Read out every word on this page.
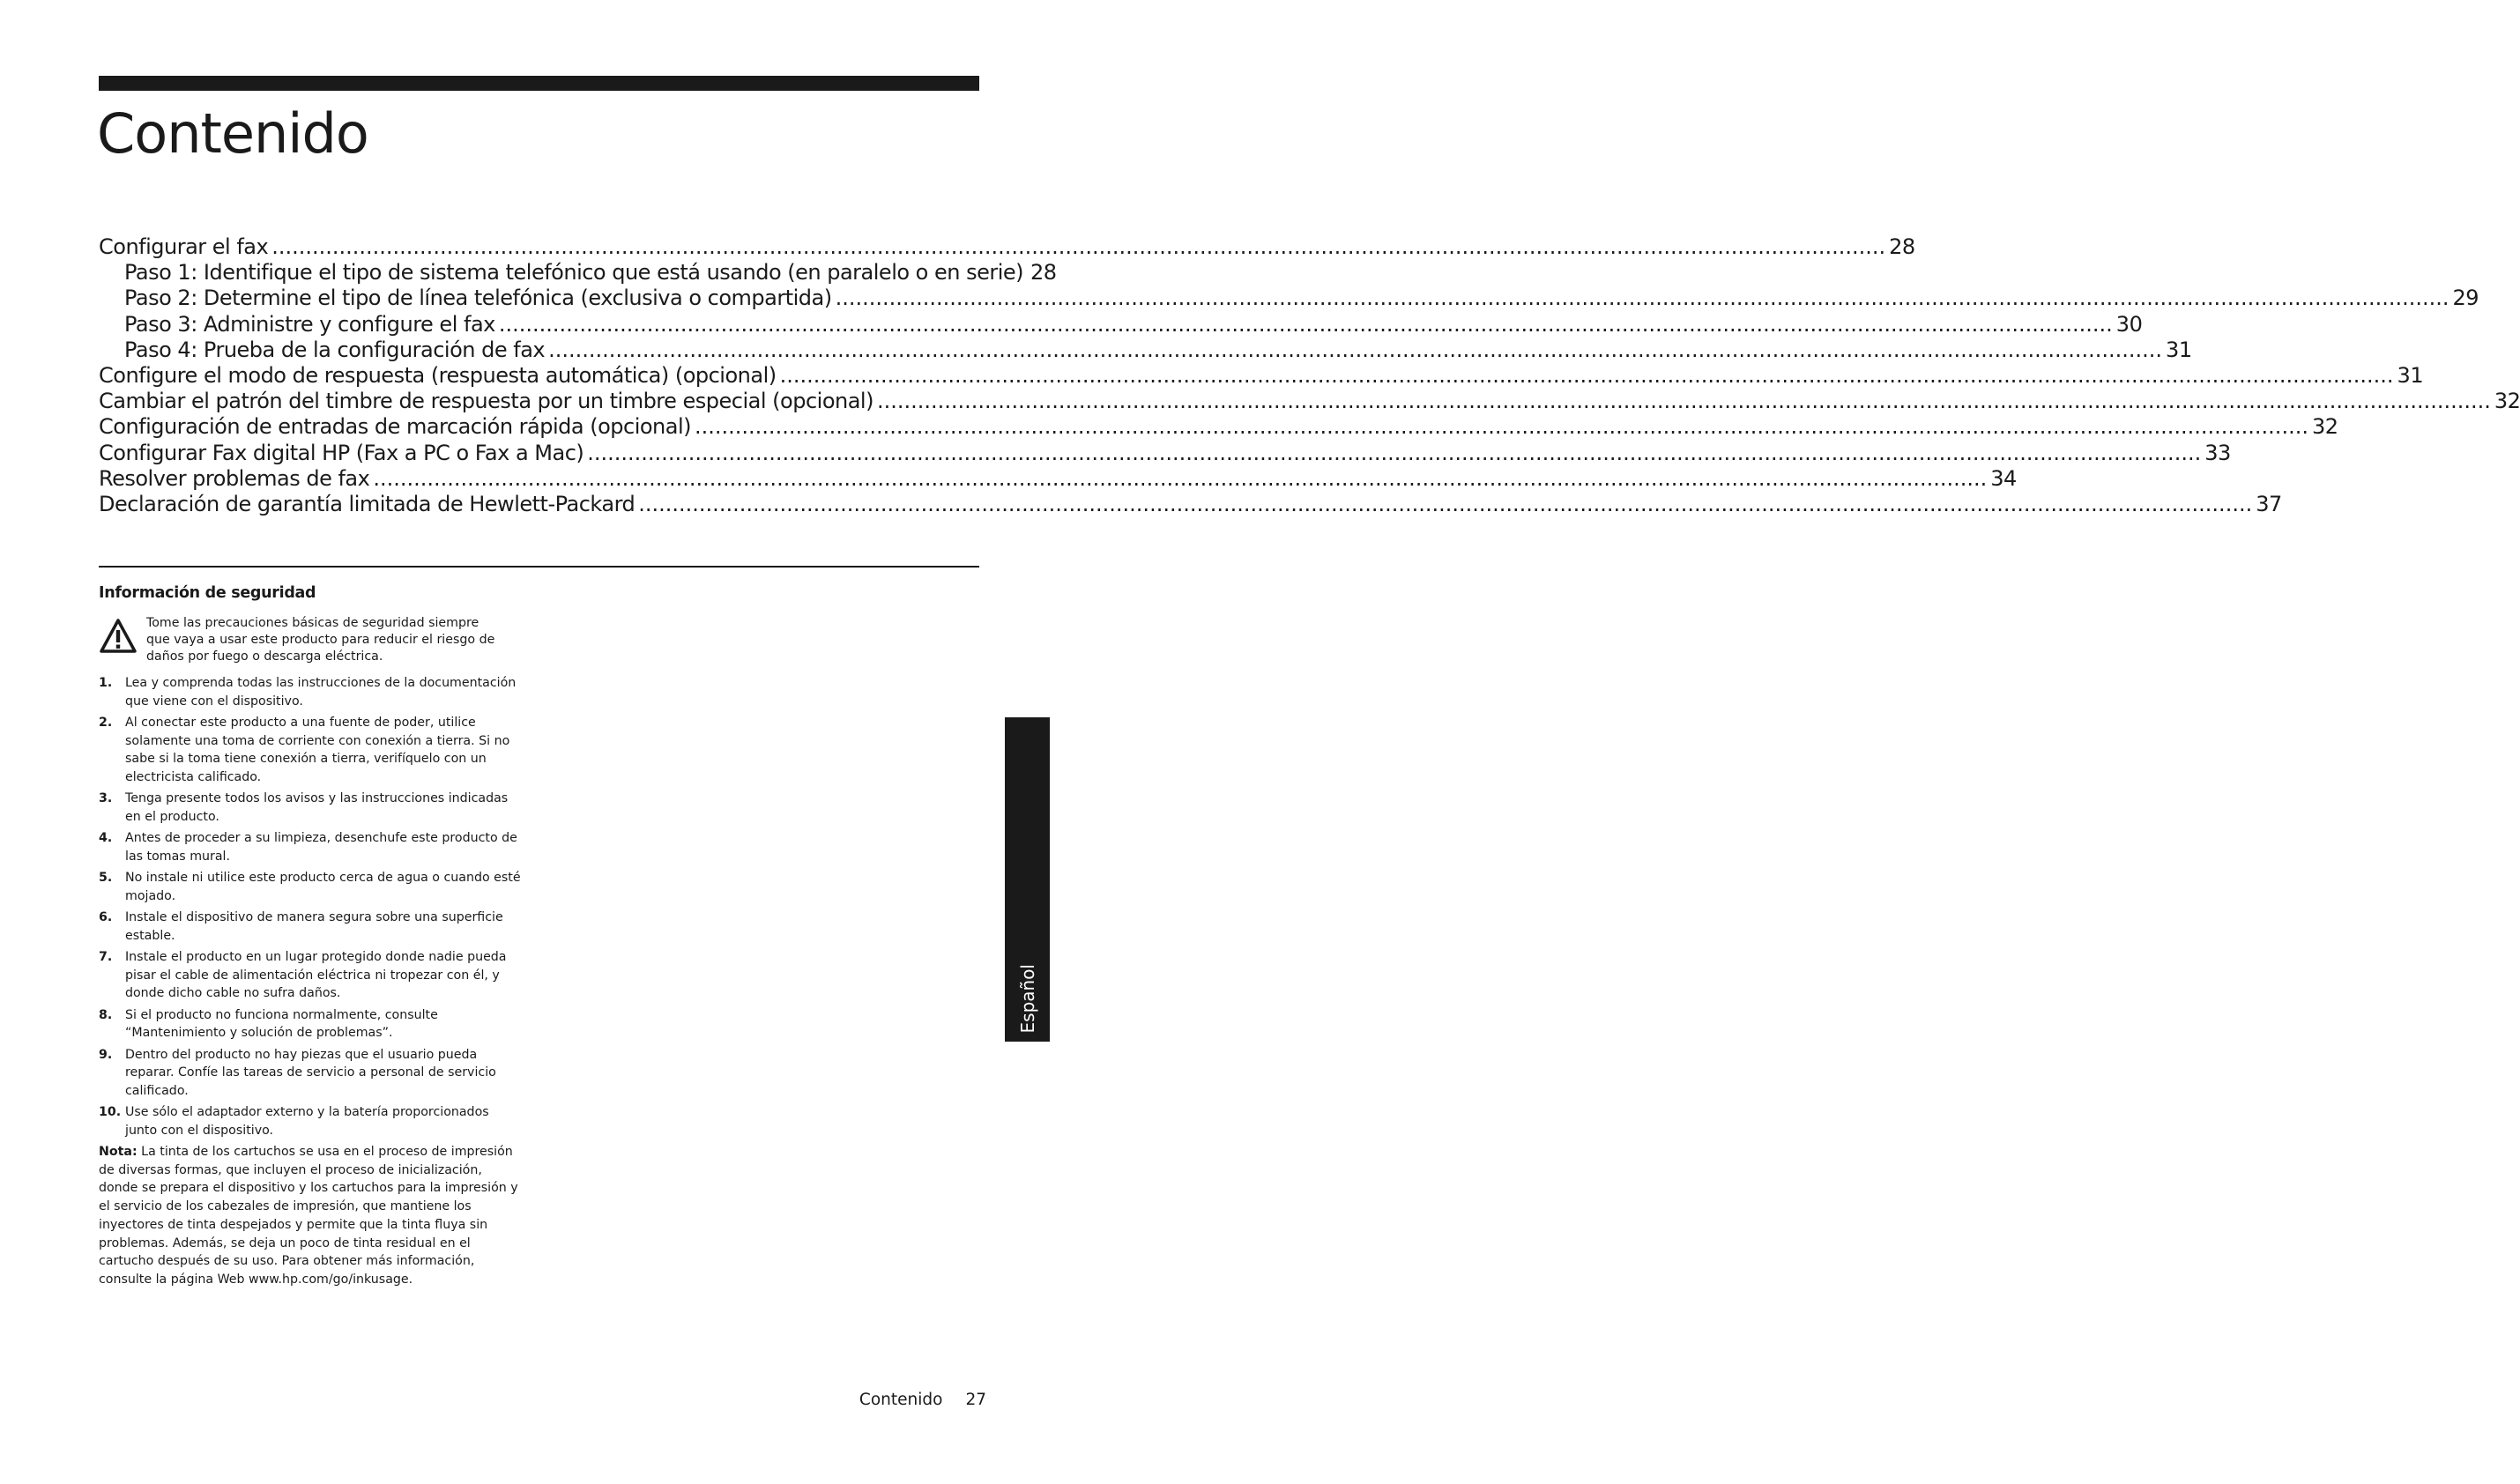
Contenido
Configurar el fax .....	28
Paso 1: Identifique el tipo de sistema telefónico que está usando (en paralelo o en serie) 28
Paso 2: Determine el tipo de línea telefónica (exclusiva o compartida) .....	29
Paso 3: Administre y configure el fax .....	30
Paso 4: Prueba de la configuración de fax .....	31
Configure el modo de respuesta (respuesta automática) (opcional) .....	31
Cambiar el patrón del timbre de respuesta por un timbre especial (opcional) .....	32
Configuración de entradas de marcación rápida (opcional) .....	32
Configurar Fax digital HP (Fax a PC o Fax a Mac) .....	33
Resolver problemas de fax .....	34
Declaración de garantía limitada de Hewlett-Packard .....	37
Información de seguridad
Tome las precauciones básicas de seguridad siempre que vaya a usar este producto para reducir el riesgo de daños por fuego o descarga eléctrica.
1.	Lea y comprenda todas las instrucciones de la documentación que viene con el dispositivo.
2.	Al conectar este producto a una fuente de poder, utilice solamente una toma de corriente con conexión a tierra. Si no sabe si la toma tiene conexión a tierra, verifíquelo con un electricista calificado.
3.	Tenga presente todos los avisos y las instrucciones indicadas en el producto.
4.	Antes de proceder a su limpieza, desenchufe este producto de las tomas mural.
5.	No instale ni utilice este producto cerca de agua o cuando esté mojado.
6.	Instale el dispositivo de manera segura sobre una superficie estable.
7.	Instale el producto en un lugar protegido donde nadie pueda pisar el cable de alimentación eléctrica ni tropezar con él, y donde dicho cable no sufra daños.
8.	Si el producto no funciona normalmente, consulte “Mantenimiento y solución de problemas”.
9.	Dentro del producto no hay piezas que el usuario pueda reparar. Confíe las tareas de servicio a personal de servicio calificado.
10. Use sólo el adaptador externo y la batería proporcionados junto con el dispositivo.
Nota: La tinta de los cartuchos se usa en el proceso de impresión de diversas formas, que incluyen el proceso de inicialización, donde se prepara el dispositivo y los cartuchos para la impresión y el servicio de los cabezales de impresión, que mantiene los inyectores de tinta despejados y permite que la tinta fluya sin problemas. Además, se deja un poco de tinta residual en el cartucho después de su uso. Para obtener más información, consulte la página Web www.hp.com/go/inkusage.
Español
Contenido 27
